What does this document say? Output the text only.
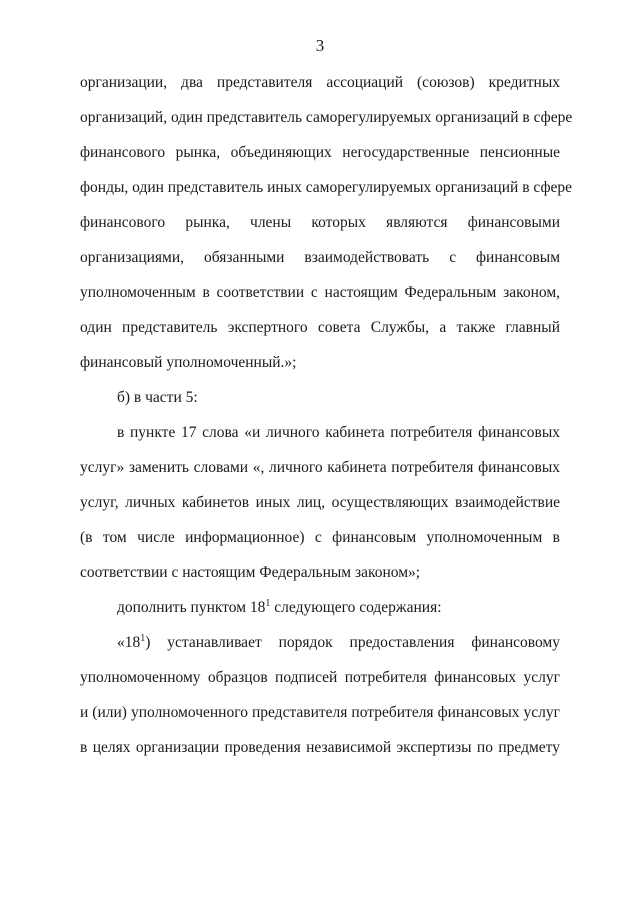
3
организации, два представителя ассоциаций (союзов) кредитных
организаций, один представитель саморегулируемых организаций в сфере
финансового рынка, объединяющих негосударственные пенсионные
фонды, один представитель иных саморегулируемых организаций в сфере
финансового рынка, члены которых являются финансовыми
организациями, обязанными взаимодействовать с финансовым
уполномоченным в соответствии с настоящим Федеральным законом,
один представитель экспертного совета Службы, а также главный
финансовый уполномоченный.»;
б) в части 5:
в пункте 17 слова «и личного кабинета потребителя финансовых
услуг» заменить словами «, личного кабинета потребителя финансовых
услуг, личных кабинетов иных лиц, осуществляющих взаимодействие
(в том числе информационное) с финансовым уполномоченным в
соответствии с настоящим Федеральным законом»;
дополнить пунктом $18^1$ следующего содержания:
«$18^1$) устанавливает порядок предоставления финансовому
уполномоченному образцов подписей потребителя финансовых услуг
и (или) уполномоченного представителя потребителя финансовых услуг
в целях организации проведения независимой экспертизы по предмету
